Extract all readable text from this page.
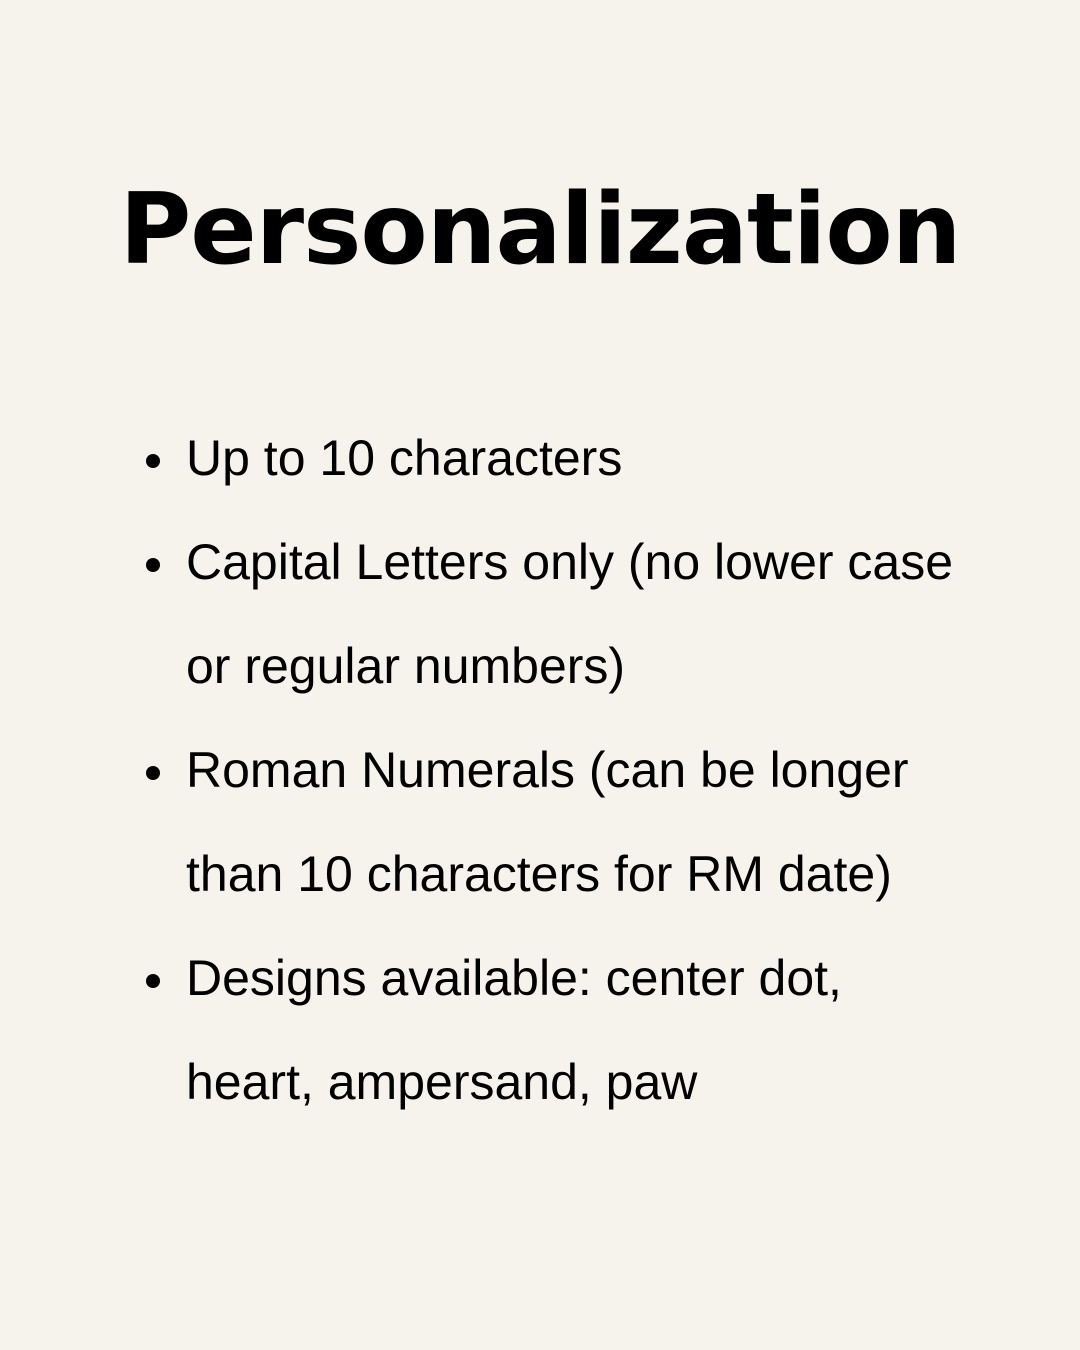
Personalization
Up to 10 characters
Capital Letters only (no lower case or regular numbers)
Roman Numerals (can be longer than 10 characters for RM date)
Designs available: center dot, heart, ampersand, paw
